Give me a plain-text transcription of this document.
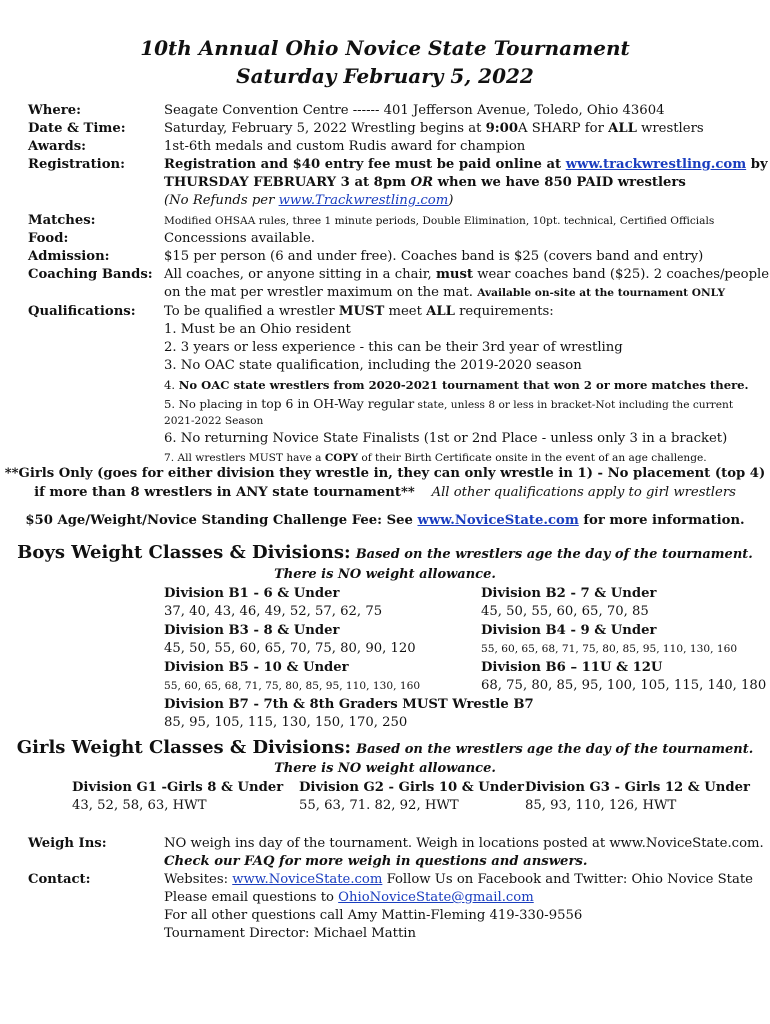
10th Annual Ohio Novice State Tournament
Saturday February 5, 2022
Where:	Seagate Convention Centre ------ 401 Jefferson Avenue, Toledo, Ohio 43604
Date & Time:	Saturday, February 5, 2022 Wrestling begins at 9:00A SHARP for ALL wrestlers
Awards:	1st-6th medals and custom Rudis award for champion
Registration:	Registration and $40 entry fee must be paid online at www.trackwrestling.com by
THURSDAY FEBRUARY 3 at 8pm OR when we have 850 PAID wrestlers
(No Refunds per www.Trackwrestling.com)
Matches:	Modified OHSAA rules, three 1 minute periods, Double Elimination, 10pt. technical, Certified Officials
Food:	Concessions available.
Admission:	$15 per person (6 and under free). Coaches band is $25 (covers band and entry)
Coaching Bands: All coaches, or anyone sitting in a chair, must wear coaches band ($25). 2 coaches/people
on the mat per wrestler maximum on the mat. Available on-site at the tournament ONLY
Qualifications: To be qualified a wrestler MUST meet ALL requirements:
1. Must be an Ohio resident
2. 3 years or less experience - this can be their 3rd year of wrestling
3. No OAC state qualification, including the 2019-2020 season
4. No OAC state wrestlers from 2020-2021 tournament that won 2 or more matches there.
5. No placing in top 6 in OH-Way regular state, unless 8 or less in bracket-Not including the current
2021-2022 Season
6. No returning Novice State Finalists (1st or 2nd Place - unless only 3 in a bracket)
7. All wrestlers MUST have a COPY of their Birth Certificate onsite in the event of an age challenge.
**Girls Only (goes for either division they wrestle in, they can only wrestle in 1) - No placement (top 4)
if more than 8 wrestlers in ANY state tournament** All other qualifications apply to girl wrestlers
$50 Age/Weight/Novice Standing Challenge Fee: See www.NoviceState.com for more information.
Boys Weight Classes & Divisions: Based on the wrestlers age the day of the tournament.
There is NO weight allowance.
Division B1 - 6 & Under
37, 40, 43, 46, 49, 52, 57, 62, 75
Division B2 - 7 & Under
45, 50, 55, 60, 65, 70, 85
Division B3 - 8 & Under
45, 50, 55, 60, 65, 70, 75, 80, 90, 120
Division B4 - 9 & Under
55, 60, 65, 68, 71, 75, 80, 85, 95, 110, 130, 160
Division B5 - 10 & Under
55, 60, 65, 68, 71, 75, 80, 85, 95, 110, 130, 160
Division B6 – 11U & 12U
68, 75, 80, 85, 95, 100, 105, 115, 140, 180
Division B7 - 7th & 8th Graders MUST Wrestle B7
85, 95, 105, 115, 130, 150, 170, 250
Girls Weight Classes & Divisions: Based on the wrestlers age the day of the tournament.
There is NO weight allowance.
Division G1 -Girls 8 & Under
43, 52, 58, 63, HWT
Division G2 - Girls 10 & Under
55, 63, 71. 82, 92, HWT
Division G3 - Girls 12 & Under
85, 93, 110, 126, HWT
Weigh Ins:	NO weigh ins day of the tournament. Weigh in locations posted at www.NoviceState.com.
Check our FAQ for more weigh in questions and answers.
Contact:	Websites: www.NoviceState.com Follow Us on Facebook and Twitter: Ohio Novice State
Please email questions to OhioNoviceState@gmail.com
For all other questions call Amy Mattin-Fleming 419-330-9556
Tournament Director: Michael Mattin
